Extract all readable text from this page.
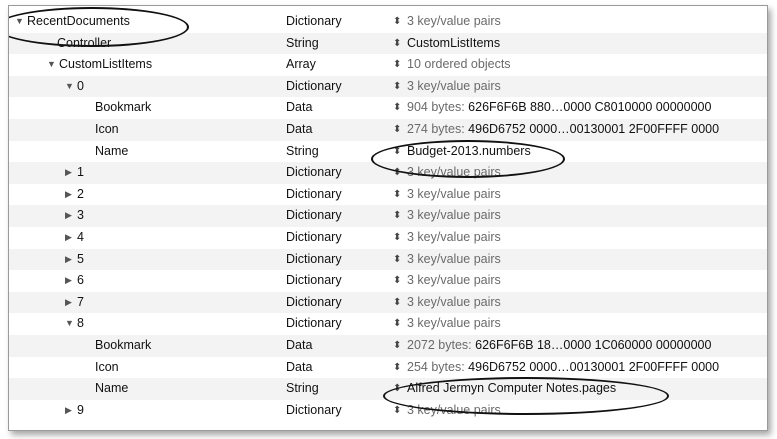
▼ RecentDocuments	Dictionary	⬍ 3 key/value pairs
Controller	String	⬍ CustomListItems
▼ CustomListItems	Array	⬍ 10 ordered objects
▼ 0	Dictionary	⬍ 3 key/value pairs
Bookmark	Data	⬍ 904 bytes: 626F6F6B 880…0000 C8010000 00000000
Icon	Data	⬍ 274 bytes: 496D6752 0000…00130001 2F00FFFF 0000
Name	String	⬍ Budget-2013.numbers
▶ 1	Dictionary	⬍ 3 key/value pairs
▶ 2	Dictionary	⬍ 3 key/value pairs
▶ 3	Dictionary	⬍ 3 key/value pairs
▶ 4	Dictionary	⬍ 3 key/value pairs
▶ 5	Dictionary	⬍ 3 key/value pairs
▶ 6	Dictionary	⬍ 3 key/value pairs
▶ 7	Dictionary	⬍ 3 key/value pairs
▼ 8	Dictionary	⬍ 3 key/value pairs
Bookmark	Data	⬍ 2072 bytes: 626F6F6B 18…0000 1C060000 00000000
Icon	Data	⬍ 254 bytes: 496D6752 0000…00130001 2F00FFFF 0000
Name	String	⬍ Alfred Jermyn Computer Notes.pages
▶ 9	Dictionary	⬍ 3 key/value pairs
